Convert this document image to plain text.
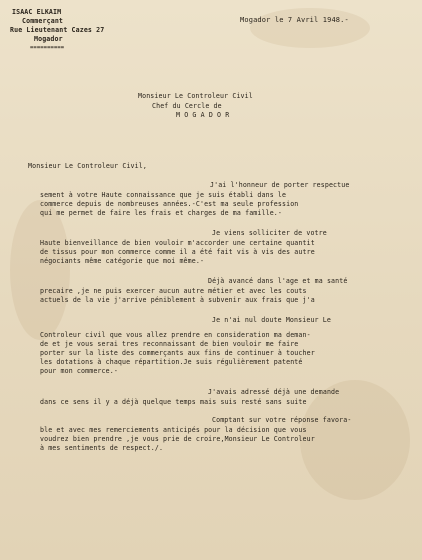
ISAAC ELKAIM
Commerçant
Rue Lieutenant Cazes 27
Mogador
==========
Mogador le 7 Avril 1948.-
Monsieur Le Controleur Civil
Chef du Cercle de
M O G A D O R
Monsieur Le Controleur Civil,
J'ai l'honneur de porter respectue
sement à votre Haute connaissance que je suis établi dans le
commerce depuis de nombreuses années.-C'est ma seule profession
qui me permet de faire les frais et charges de ma famille.-
Je viens solliciter de votre
Haute bienveillance de bien vouloir m'accorder une certaine quantit
de tissus pour mon commerce comme il a été fait vis à vis des autre
négociants même catégorie que moi même.-
Déjà avancé dans l'age et ma santé
precaire ,je ne puis exercer aucun autre métier et avec les couts
actuels de la vie j'arrive péniblement à subvenir aux frais que j'a
Je n'ai nul doute Monsieur Le
Controleur civil que vous allez prendre en consideration ma deman-
de et je vous serai tres reconnaissant de bien vouloir me faire
porter sur la liste des commerçants aux fins de continuer à toucher
les dotations à chaque répartition.Je suis régulièrement patenté
pour mon commerce.-
J'avais adressé déjà une demande
dans ce sens il y a déjà quelque temps mais suis resté sans suite
Comptant sur votre réponse favora-
ble et avec mes remerciements anticipés pour la décision que vous
voudrez bien prendre ,je vous prie de croire,Monsieur Le Controleur
à mes sentiments de respect./.
